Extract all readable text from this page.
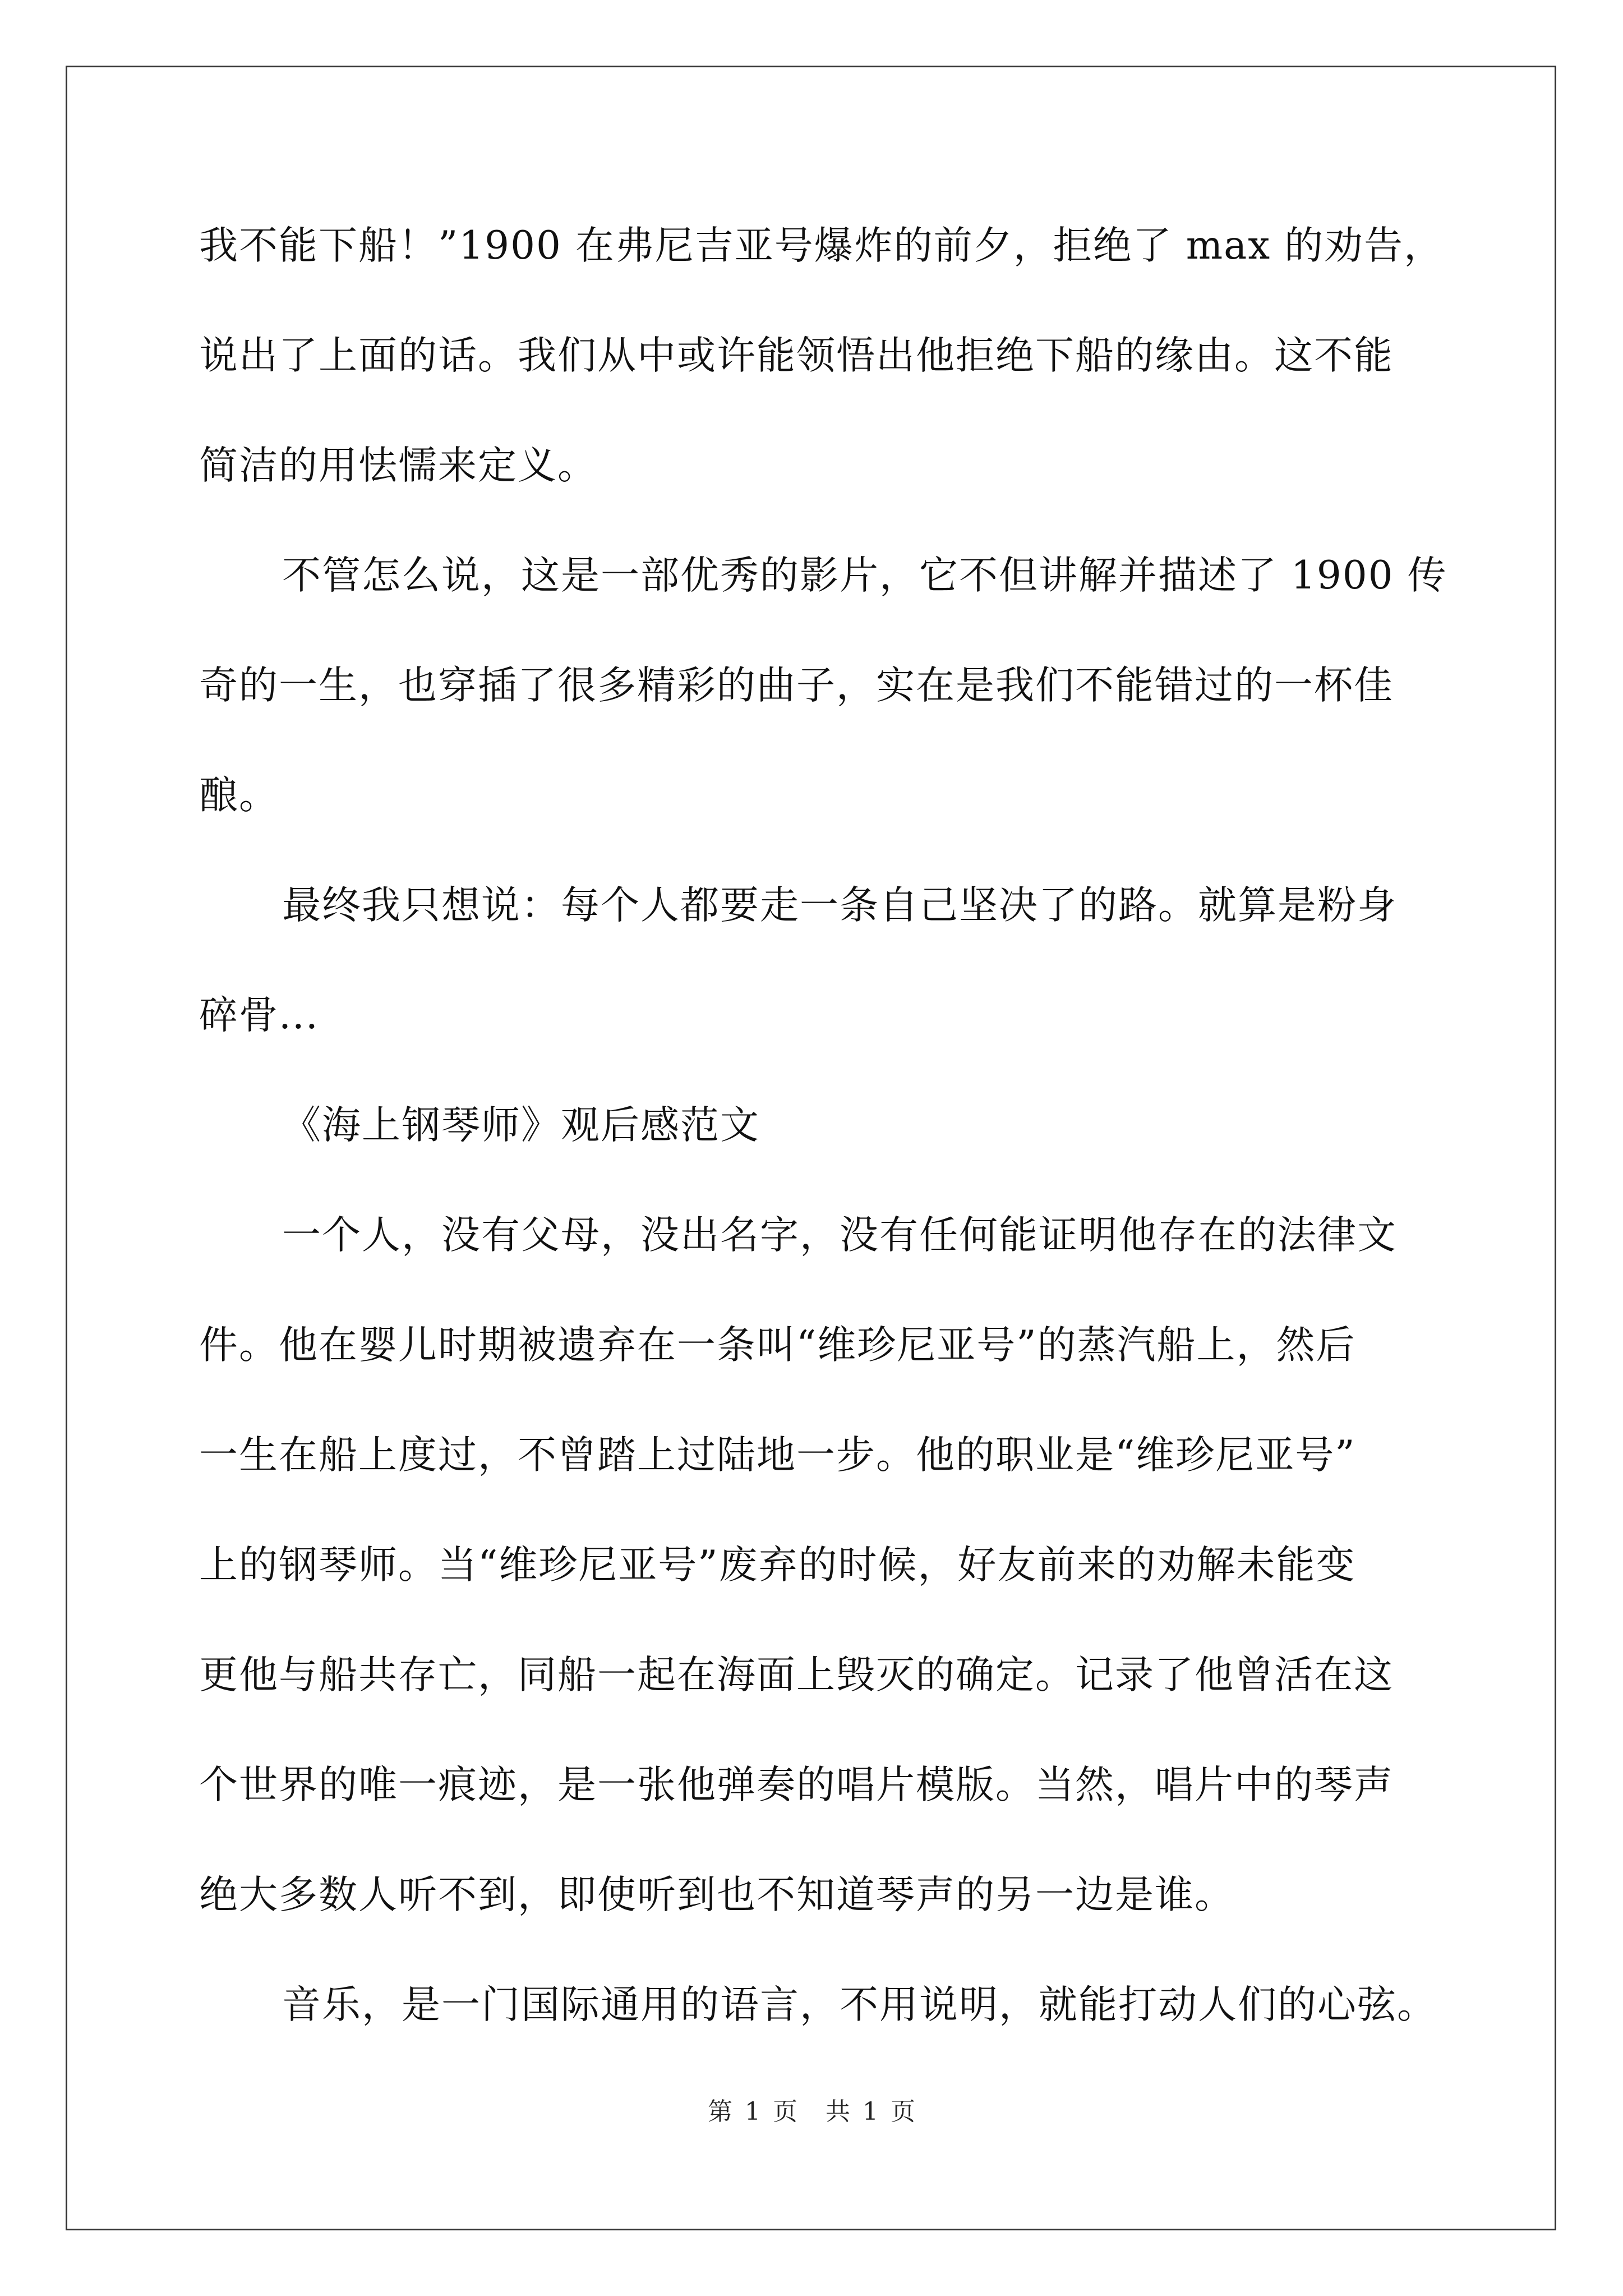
我不能下船！”1900 在弗尼吉亚号爆炸的前夕，拒绝了 max 的劝告，
说出了上面的话。我们从中或许能领悟出他拒绝下船的缘由。这不能
简洁的用怯懦来定义。
不管怎么说，这是一部优秀的影片，它不但讲解并描述了 1900 传
奇的一生，也穿插了很多精彩的曲子，实在是我们不能错过的一杯佳
酿。
最终我只想说：每个人都要走一条自己坚决了的路。就算是粉身
碎骨...
《海上钢琴师》观后感范文
一个人，没有父母，没出名字，没有任何能证明他存在的法律文
件。他在婴儿时期被遗弃在一条叫“维珍尼亚号”的蒸汽船上，然后
一生在船上度过，不曾踏上过陆地一步。他的职业是“维珍尼亚号”
上的钢琴师。当“维珍尼亚号”废弃的时候，好友前来的劝解未能变
更他与船共存亡，同船一起在海面上毁灭的确定。记录了他曾活在这
个世界的唯一痕迹，是一张他弹奏的唱片模版。当然，唱片中的琴声
绝大多数人听不到，即使听到也不知道琴声的另一边是谁。
音乐，是一门国际通用的语言，不用说明，就能打动人们的心弦。
第 1 页 共 1 页
